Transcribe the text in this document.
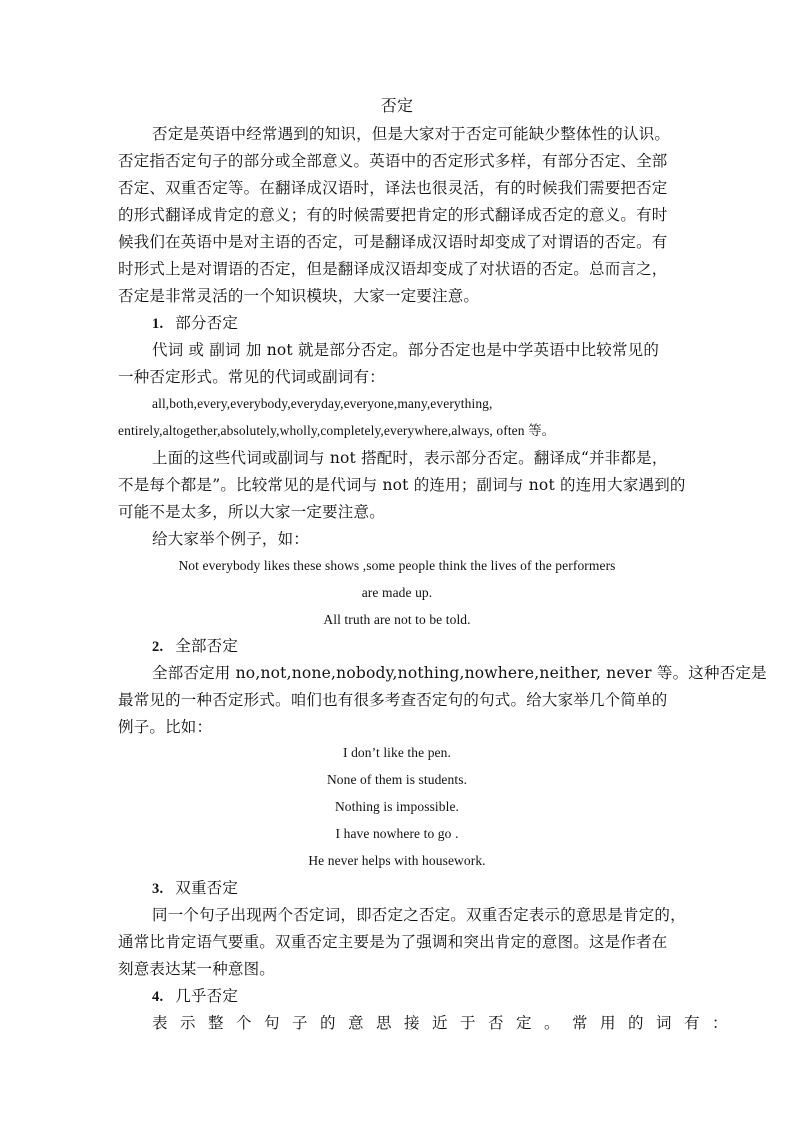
否定
否定是英语中经常遇到的知识，但是大家对于否定可能缺少整体性的认识。
否定指否定句子的部分或全部意义。英语中的否定形式多样，有部分否定、全部
否定、双重否定等。在翻译成汉语时，译法也很灵活，有的时候我们需要把否定
的形式翻译成肯定的意义；有的时候需要把肯定的形式翻译成否定的意义。有时
候我们在英语中是对主语的否定，可是翻译成汉语时却变成了对谓语的否定。有
时形式上是对谓语的否定，但是翻译成汉语却变成了对状语的否定。总而言之，
否定是非常灵活的一个知识模块，大家一定要注意。
1. 部分否定
代词 或 副词 加 not 就是部分否定。部分否定也是中学英语中比较常见的
一种否定形式。常见的代词或副词有：
all,both,every,everybody,everyday,everyone,many,everything,
entirely,altogether,absolutely,wholly,completely,everywhere,always, often 等。
上面的这些代词或副词与 not 搭配时，表示部分否定。翻译成“并非都是，
不是每个都是”。比较常见的是代词与 not 的连用；副词与 not 的连用大家遇到的
可能不是太多，所以大家一定要注意。
给大家举个例子，如：
Not everybody likes these shows ,some people think the lives of the performers
are made up.
All truth are not to be told.
2. 全部否定
全部否定用 no,not,none,nobody,nothing,nowhere,neither, never 等。这种否定是
最常见的一种否定形式。咱们也有很多考查否定句的句式。给大家举几个简单的
例子。比如：
I don’t like the pen.
None of them is students.
Nothing is impossible.
I have nowhere to go .
He never helps with housework.
3. 双重否定
同一个句子出现两个否定词，即否定之否定。双重否定表示的意思是肯定的，
通常比肯定语气要重。双重否定主要是为了强调和突出肯定的意图。这是作者在
刻意表达某一种意图。
4. 几乎否定
表示整个句子的意思接近于否定。常用的词有：
